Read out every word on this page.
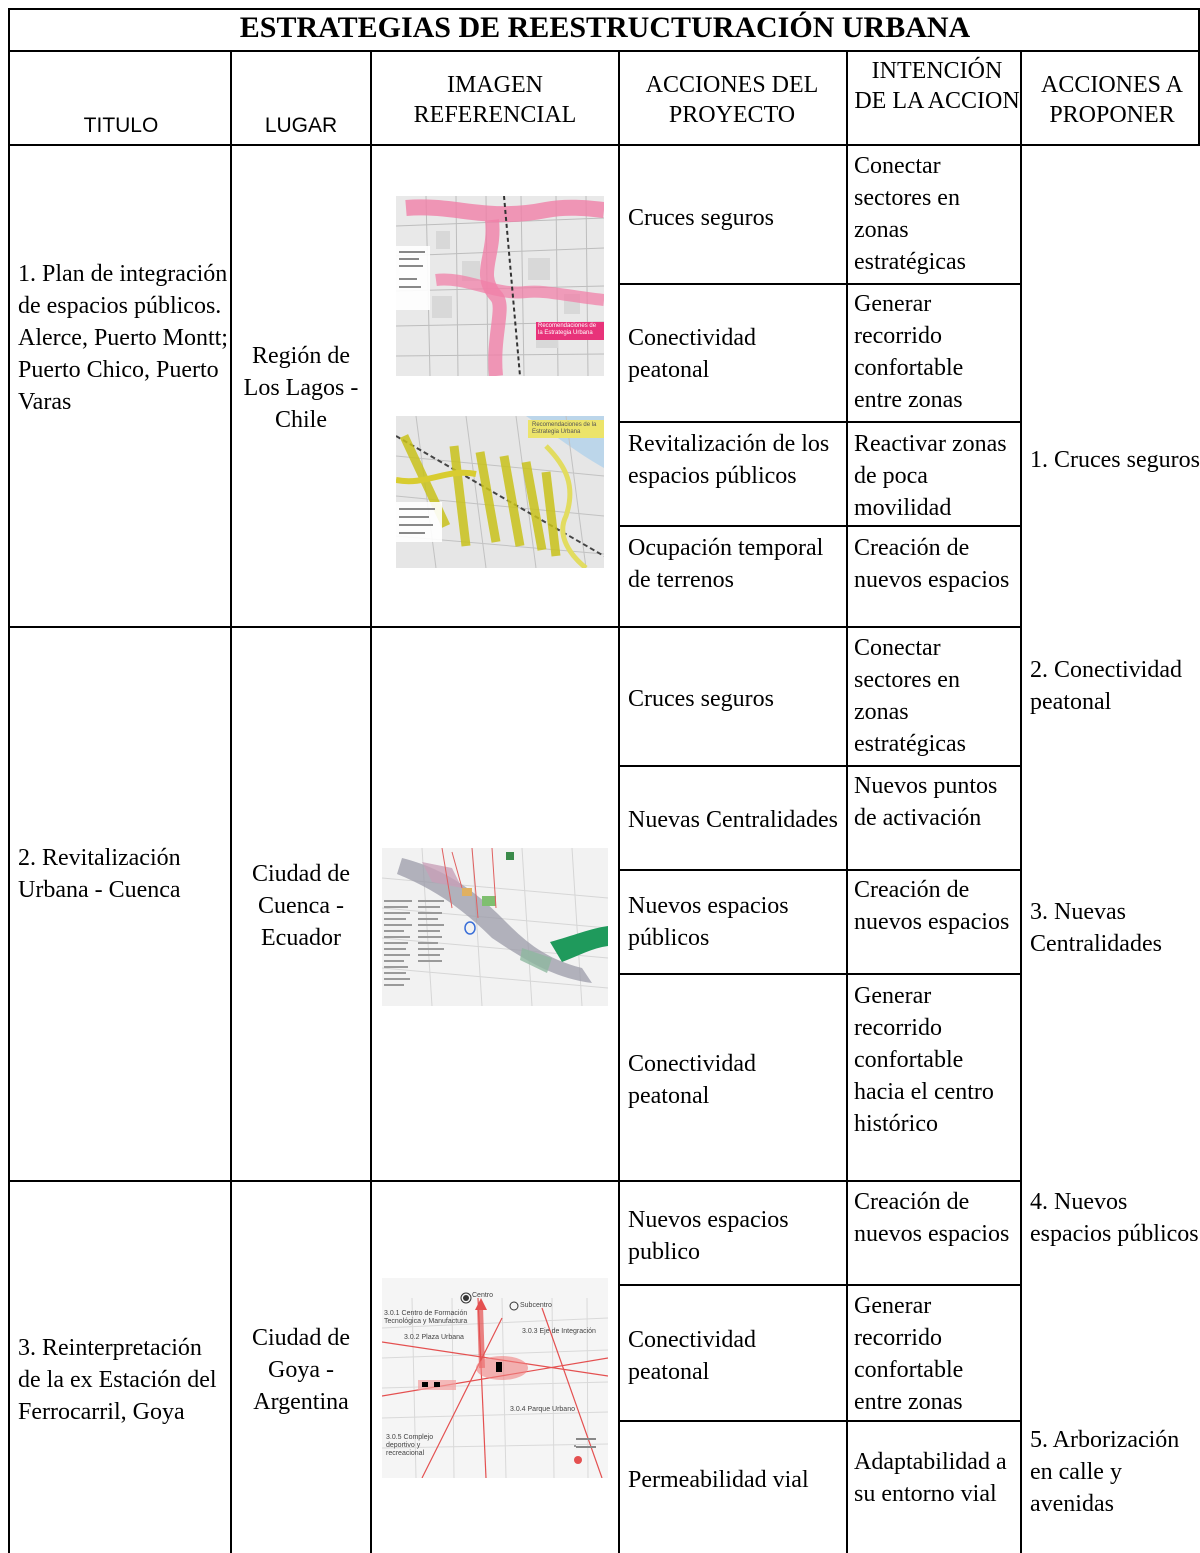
ESTRATEGIAS DE REESTRUCTURACIÓN URBANA
TITULO	LUGAR
IMAGEN REFERENCIAL
ACCIONES DEL PROYECTO
INTENCIÓN DE LA ACCION
ACCIONES A PROPONER
1. Plan de integración de espacios públicos. Alerce, Puerto Montt; Puerto Chico, Puerto Varas
Región de Los Lagos - Chile
Cruces seguros
Conectar sectores en zonas estratégicas
Conectividad peatonal
Generar recorrido confortable entre zonas
Revitalización de los espacios públicos
Reactivar zonas de poca movilidad
Ocupación temporal de terrenos
Creación de nuevos espacios
Recomendaciones de la Estrategia Urbana
Recomendaciones de la Estrategia Urbana
2. Revitalización Urbana - Cuenca
Ciudad de Cuenca - Ecuador
Cruces seguros
Conectar sectores en zonas estratégicas
Nuevas Centralidades
Nuevos puntos de activación
Nuevos espacios públicos
Creación de nuevos espacios
Conectividad peatonal
Generar recorrido confortable hacia el centro histórico
3. Reinterpretación de la ex Estación del Ferrocarril, Goya
Ciudad de Goya - Argentina
Nuevos espacios publico
Creación de nuevos espacios
Conectividad peatonal
Generar recorrido confortable entre zonas
Permeabilidad vial
Adaptabilidad a su entorno vial
Centro
Subcentro
3.0.1 Centro de Formación Tecnológica y Manufactura
3.0.2 Plaza Urbana
3.0.3 Eje de Integración
3.0.4 Parque Urbano
3.0.5 Complejo deportivo y recreacional
1. Cruces seguros
2. Conectividad peatonal
3. Nuevas Centralidades
4. Nuevos espacios públicos
5. Arborización en calle y avenidas
